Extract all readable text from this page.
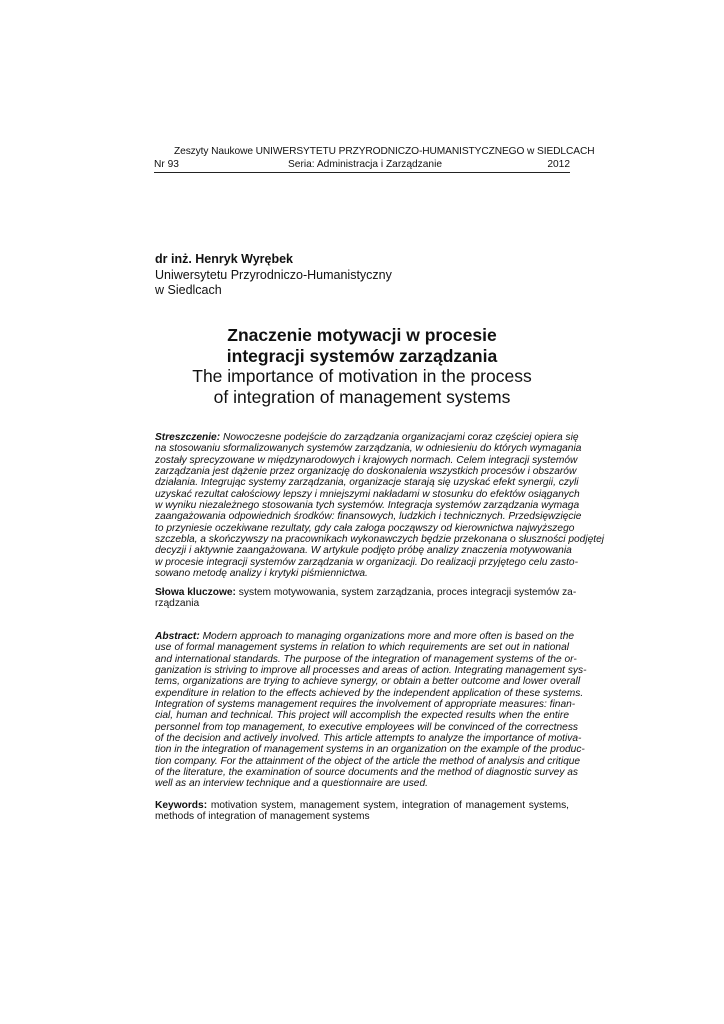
Zeszyty Naukowe UNIWERSYTETU PRZYRODNICZO-HUMANISTYCZNEGO w SIEDLCACH
Nr 93	Seria: Administracja i Zarządzanie	2012
dr inż. Henryk Wyrębek
Uniwersytetu Przyrodniczo-Humanistyczny
w Siedlcach
Znaczenie motywacji w procesie
integracji systemów zarządzania
The importance of motivation in the process
of integration of management systems
Streszczenie: Nowoczesne podejście do zarządzania organizacjami coraz częściej opiera się
na stosowaniu sformalizowanych systemów zarządzania, w odniesieniu do których wymagania
zostały sprecyzowane w międzynarodowych i krajowych normach. Celem integracji systemów
zarządzania jest dążenie przez organizację do doskonalenia wszystkich procesów i obszarów
działania. Integrując systemy zarządzania, organizacje starają się uzyskać efekt synergii, czyli
uzyskać rezultat całościowy lepszy i mniejszymi nakładami w stosunku do efektów osiąganych
w wyniku niezależnego stosowania tych systemów. Integracja systemów zarządzania wymaga
zaangażowania odpowiednich środków: finansowych, ludzkich i technicznych. Przedsięwzięcie
to przyniesie oczekiwane rezultaty, gdy cała załoga począwszy od kierownictwa najwyższego
szczebla, a skończywszy na pracownikach wykonawczych będzie przekonana o słuszności podjętej
decyzji i aktywnie zaangażowana. W artykule podjęto próbę analizy znaczenia motywowania
w procesie integracji systemów zarządzania w organizacji. Do realizacji przyjętego celu zasto-
sowano metodę analizy i krytyki piśmiennictwa.
Słowa kluczowe: system motywowania, system zarządzania, proces integracji systemów za-
rządzania
Abstract: Modern approach to managing organizations more and more often is based on the
use of formal management systems in relation to which requirements are set out in national
and international standards. The purpose of the integration of management systems of the or-
ganization is striving to improve all processes and areas of action. Integrating management sys-
tems, organizations are trying to achieve synergy, or obtain a better outcome and lower overall
expenditure in relation to the effects achieved by the independent application of these systems.
Integration of systems management requires the involvement of appropriate measures: finan-
cial, human and technical. This project will accomplish the expected results when the entire
personnel from top management, to executive employees will be convinced of the correctness
of the decision and actively involved. This article attempts to analyze the importance of motiva-
tion in the integration of management systems in an organization on the example of the produc-
tion company. For the attainment of the object of the article the method of analysis and critique
of the literature, the examination of source documents and the method of diagnostic survey as
well as an interview technique and a questionnaire are used.
Keywords: motivation system, management system, integration of management systems,
methods of integration of management systems
